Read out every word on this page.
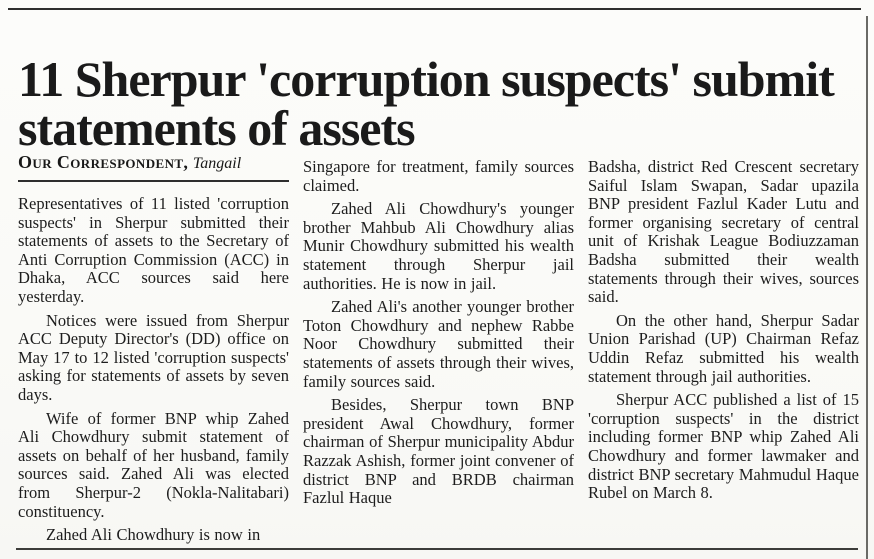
11 Sherpur 'corruption suspects' submit statements of assets
Our Correspondent, Tangail

Representatives of 11 listed 'corruption suspects' in Sherpur submitted their statements of assets to the Secretary of Anti Corruption Commission (ACC) in Dhaka, ACC sources said here yesterday.

Notices were issued from Sherpur ACC Deputy Director's (DD) office on May 17 to 12 listed 'corruption suspects' asking for statements of assets by seven days.

Wife of former BNP whip Zahed Ali Chowdhury submit statement of assets on behalf of her husband, family sources said. Zahed Ali was elected from Sherpur-2 (Nokla-Nalitabari) constituency.

Zahed Ali Chowdhury is now in

Singapore for treatment, family sources claimed.

Zahed Ali Chowdhury's younger brother Mahbub Ali Chowdhury alias Munir Chowdhury submitted his wealth statement through Sherpur jail authorities. He is now in jail.

Zahed Ali's another younger brother Toton Chowdhury and nephew Rabbe Noor Chowdhury submitted their statements of assets through their wives, family sources said.

Besides, Sherpur town BNP president Awal Chowdhury, former chairman of Sherpur municipality Abdur Razzak Ashish, former joint convener of district BNP and BRDB chairman Fazlul Haque

Badsha, district Red Crescent secretary Saiful Islam Swapan, Sadar upazila BNP president Fazlul Kader Lutu and former organising secretary of central unit of Krishak League Bodiuzzaman Badsha submitted their wealth statements through their wives, sources said.

On the other hand, Sherpur Sadar Union Parishad (UP) Chairman Refaz Uddin Refaz submitted his wealth statement through jail authorities.

Sherpur ACC published a list of 15 'corruption suspects' in the district including former BNP whip Zahed Ali Chowdhury and former lawmaker and district BNP secretary Mahmudul Haque Rubel on March 8.
